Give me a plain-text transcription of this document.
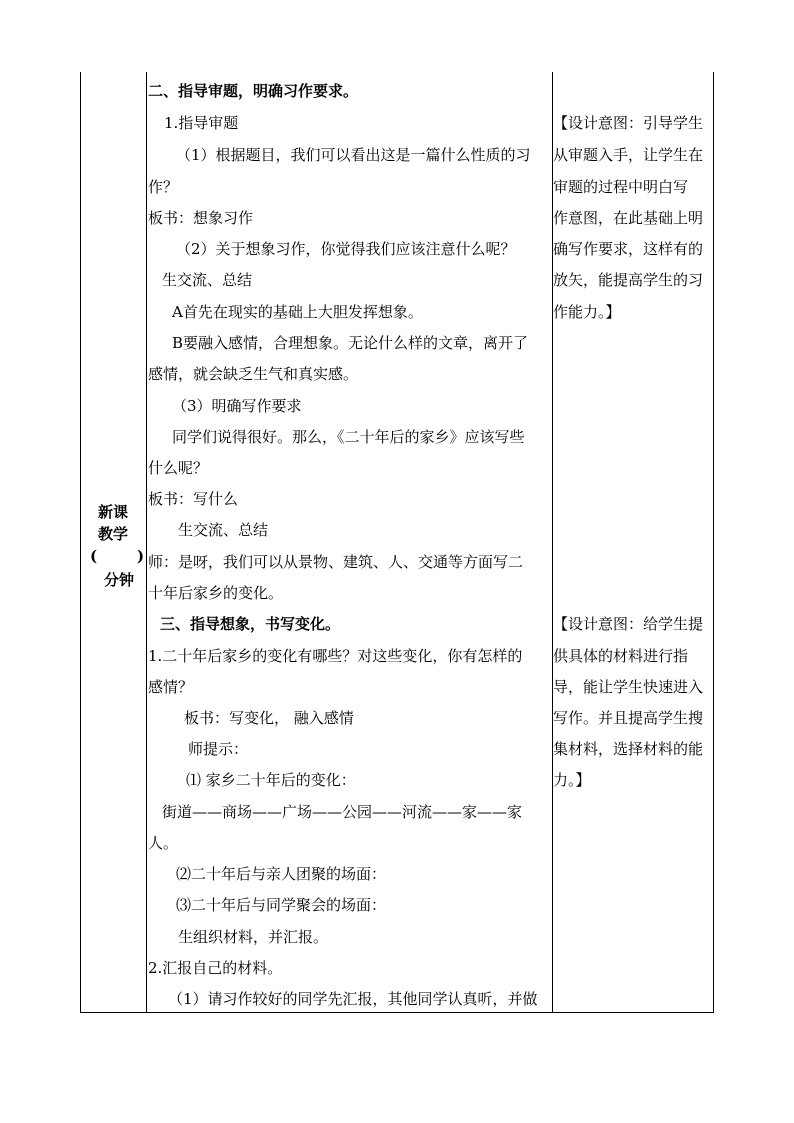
新课
教学
(	)
分钟
二、指导审题，明确习作要求。
1.指导审题
（1）根据题目，我们可以看出这是一篇什么性质的习
作？
板书：想象习作
（2）关于想象习作，你觉得我们应该注意什么呢？
生交流、总结
A首先在现实的基础上大胆发挥想象。
B要融入感情，合理想象。无论什么样的文章，离开了
感情，就会缺乏生气和真实感。
（3）明确写作要求
同学们说得很好。那么，《二十年后的家乡》应该写些
什么呢？
板书：写什么
生交流、总结
师：是呀，我们可以从景物、建筑、人、交通等方面写二
十年后家乡的变化。
三、指导想象，书写变化。
1.二十年后家乡的变化有哪些？对这些变化，你有怎样的
感情？
板书：写变化， 融入感情
师提示：
⑴ 家乡二十年后的变化：
街道——商场——广场——公园——河流——家——家
人。
⑵二十年后与亲人团聚的场面：
⑶二十年后与同学聚会的场面：
生组织材料，并汇报。
2.汇报自己的材料。
（1）请习作较好的同学先汇报，其他同学认真听，并做
【设计意图：引导学生
从审题入手，让学生在
审题的过程中明白写
作意图，在此基础上明
确写作要求，这样有的
放矢，能提高学生的习
作能力。】
【设计意图：给学生提
供具体的材料进行指
导，能让学生快速进入
写作。并且提高学生搜
集材料，选择材料的能
力。】
